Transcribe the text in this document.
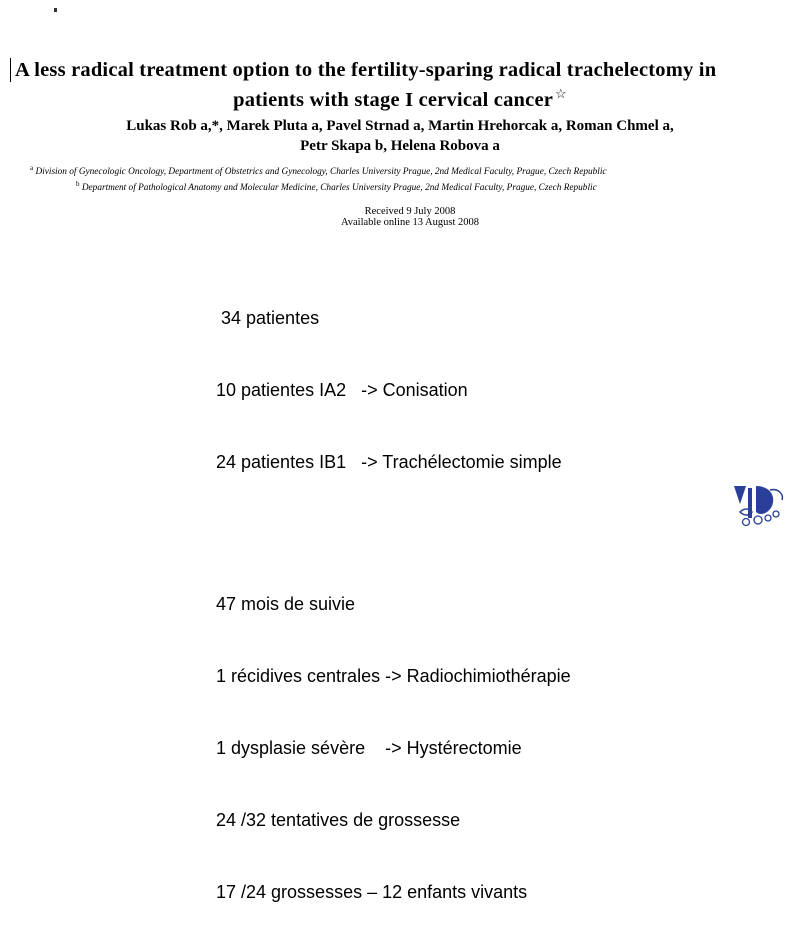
A less radical treatment option to the fertility-sparing radical trachelectomy in
patients with stage I cervical cancer ☆
Lukas Rob a,*, Marek Pluta a, Pavel Strnad a, Martin Hrehorcak a, Roman Chmel a,
Petr Skapa b, Helena Robova a
$^a$ Division of Gynecologic Oncology, Department of Obstetrics and Gynecology, Charles University Prague, 2nd Medical Faculty, Prague, Czech Republic
$^b$ Department of Pathological Anatomy and Molecular Medicine, Charles University Prague, 2nd Medical Faculty, Prague, Czech Republic
Received 9 July 2008
Available online 13 August 2008

34 patientes

10 patientes IA2   -> Conisation

24 patientes IB1   -> Trachélectomie simple

47 mois de suivie

1 récidives centrales -> Radiochimiothérapie

1 dysplasie sévère    -> Hystérectomie

24 /32 tentatives de grossesse

17 /24 grossesses – 12 enfants vivants
